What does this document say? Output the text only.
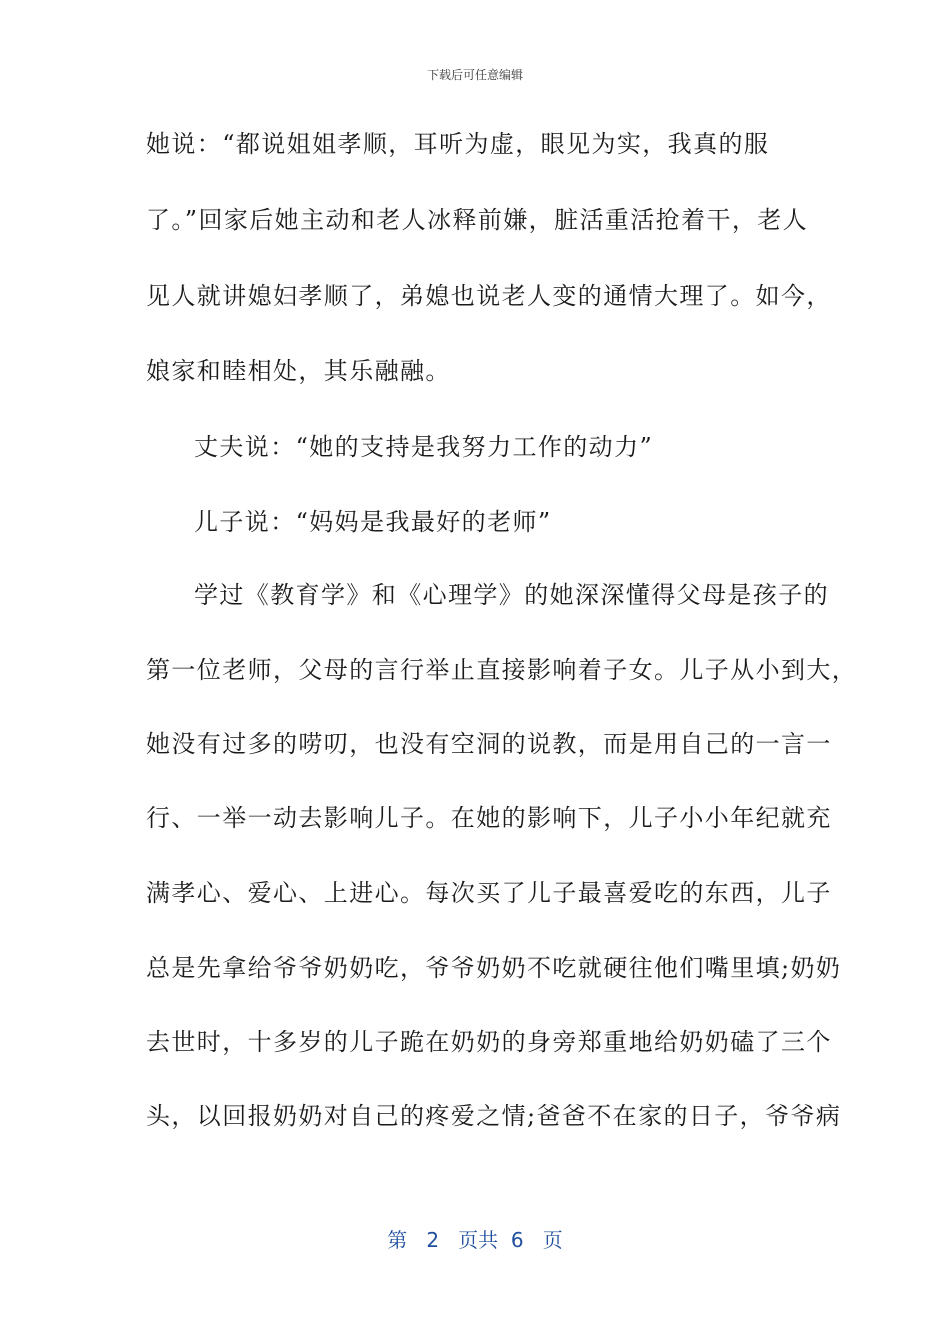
下载后可任意编辑
她说：“都说姐姐孝顺，耳听为虚，眼见为实，我真的服
了。”回家后她主动和老人冰释前嫌，脏活重活抢着干，老人
见人就讲媳妇孝顺了，弟媳也说老人变的通情大理了。如今，
娘家和睦相处，其乐融融。
丈夫说：“她的支持是我努力工作的动力”
儿子说：“妈妈是我最好的老师”
学过《教育学》和《心理学》的她深深懂得父母是孩子的
第一位老师，父母的言行举止直接影响着子女。儿子从小到大，
她没有过多的唠叨，也没有空洞的说教，而是用自己的一言一
行、一举一动去影响儿子。在她的影响下，儿子小小年纪就充
满孝心、爱心、上进心。每次买了儿子最喜爱吃的东西，儿子
总是先拿给爷爷奶奶吃，爷爷奶奶不吃就硬往他们嘴里填;奶奶
去世时，十多岁的儿子跪在奶奶的身旁郑重地给奶奶磕了三个
头，以回报奶奶对自己的疼爱之情;爸爸不在家的日子，爷爷病
第 2 页共 6 页
